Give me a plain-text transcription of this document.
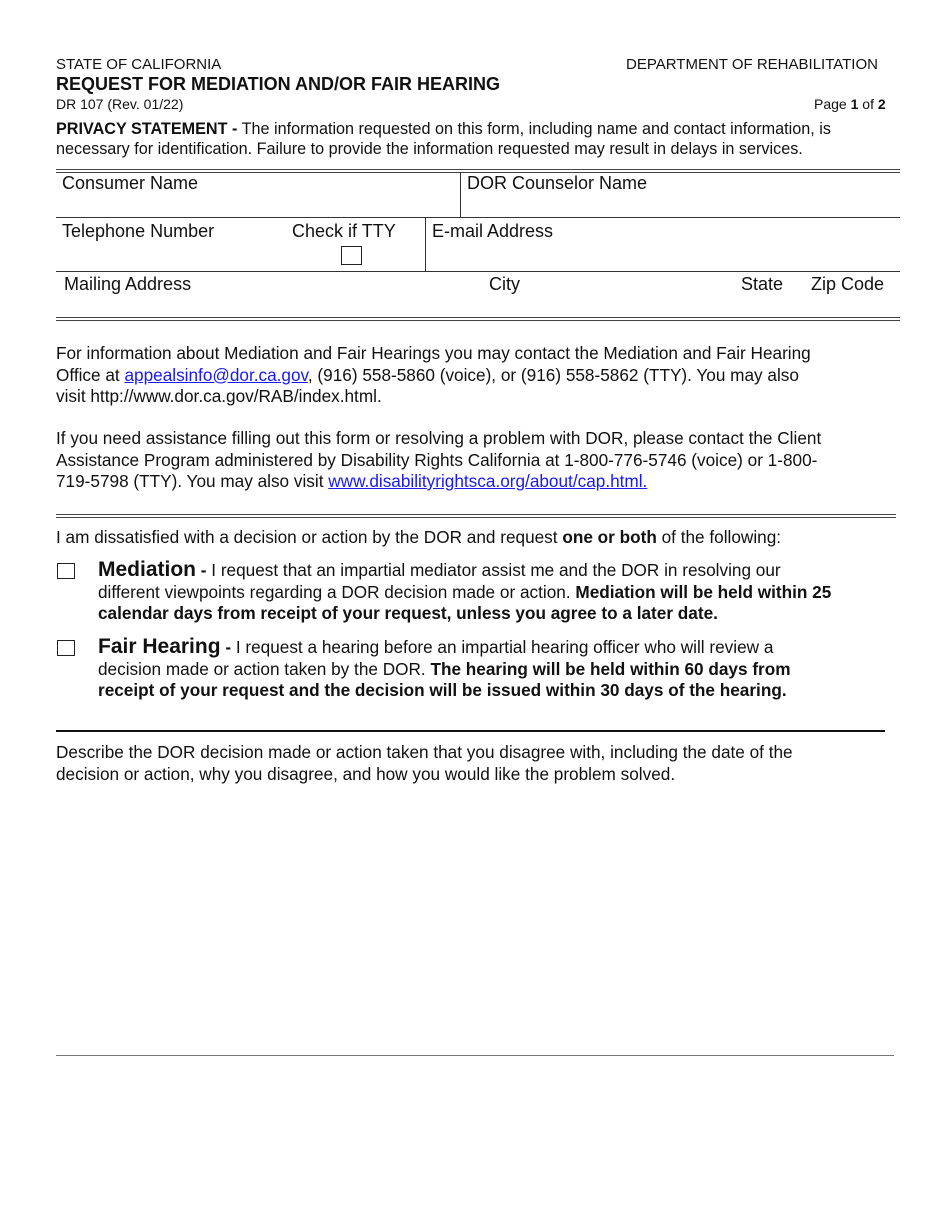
STATE OF CALIFORNIA	DEPARTMENT OF REHABILITATION
REQUEST FOR MEDIATION AND/OR FAIR HEARING
DR 107 (Rev. 01/22)	Page 1 of 2
PRIVACY STATEMENT - The information requested on this form, including name and contact information, is
necessary for identification. Failure to provide the information requested may result in delays in services.
Consumer Name	DOR Counselor Name
Telephone Number	Check if TTY E-mail Address
Mailing Address	City	State Zip Code
For information about Mediation and Fair Hearings you may contact the Mediation and Fair Hearing
Office at appealsinfo@dor.ca.gov, (916) 558-5860 (voice), or (916) 558-5862 (TTY). You may also
visit http://www.dor.ca.gov/RAB/index.html.
If you need assistance filling out this form or resolving a problem with DOR, please contact the Client
Assistance Program administered by Disability Rights California at 1-800-776-5746 (voice) or 1-800-
719-5798 (TTY). You may also visit www.disabilityrightsca.org/about/cap.html.
I am dissatisfied with a decision or action by the DOR and request one or both of the following:
Mediation - I request that an impartial mediator assist me and the DOR in resolving our
different viewpoints regarding a DOR decision made or action. Mediation will be held within 25
calendar days from receipt of your request, unless you agree to a later date.
Fair Hearing - I request a hearing before an impartial hearing officer who will review a
decision made or action taken by the DOR. The hearing will be held within 60 days from
receipt of your request and the decision will be issued within 30 days of the hearing.
Describe the DOR decision made or action taken that you disagree with, including the date of the
decision or action, why you disagree, and how you would like the problem solved.
